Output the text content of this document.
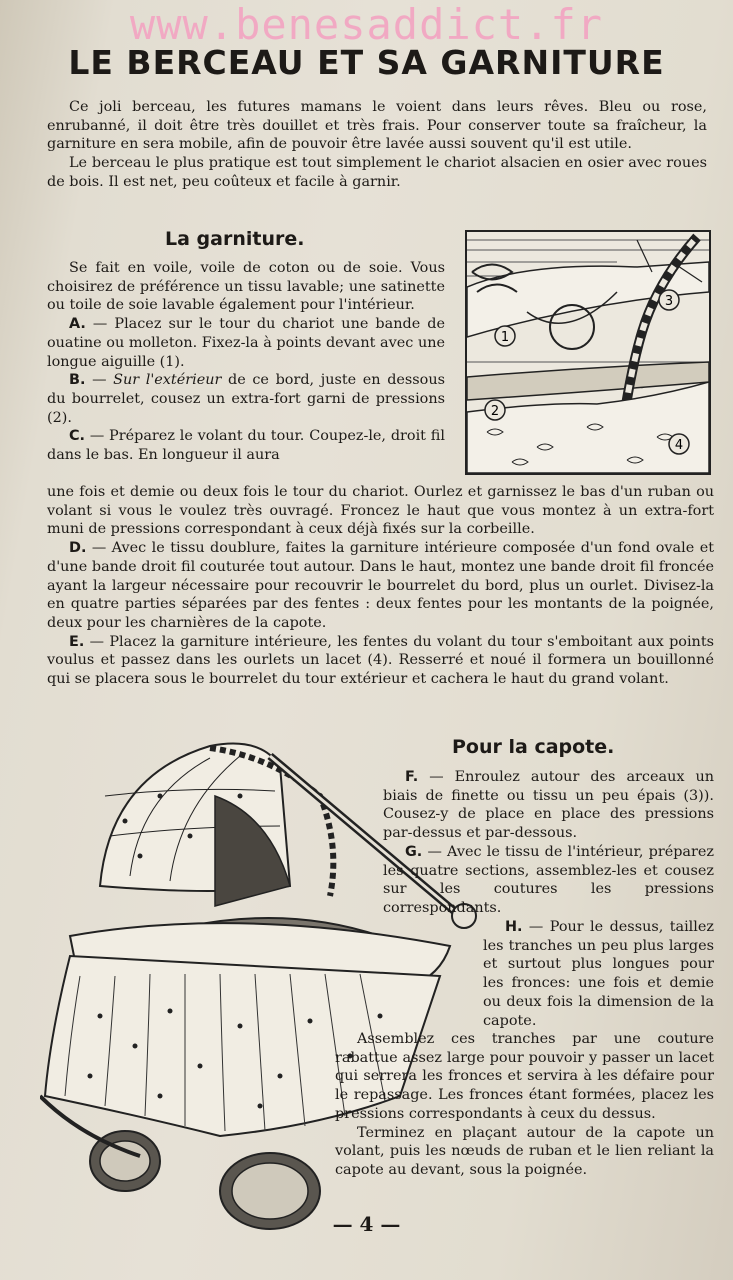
www.benesaddict.fr
LE BERCEAU ET SA GARNITURE

Ce joli berceau, les futures mamans le voient dans leurs rêves. Bleu ou rose, enrubanné, il doit être très douillet et très frais. Pour conserver toute sa fraîcheur, la garniture en sera mobile, afin de pouvoir être lavée aussi souvent qu'il est utile.

Le berceau le plus pratique est tout simplement le chariot alsacien en osier avec roues de bois. Il est net, peu coûteux et facile à garnir.

La garniture.

Se fait en voile, voile de coton ou de soie. Vous choisirez de préférence un tissu lavable; une satinette ou toile de soie lavable également pour l'intérieur.

A. — Placez sur le tour du chariot une bande de ouatine ou molleton. Fixez-la à points devant avec une longue aiguille (1).

B. — Sur l'extérieur de ce bord, juste en dessous du bourrelet, cousez un extra-fort garni de pressions (2).

C. — Préparez le volant du tour. Coupez-le, droit fil dans le bas. En longueur il aura

1
2
3
4

une fois et demie ou deux fois le tour du chariot. Ourlez et garnissez le bas d'un ruban ou volant si vous le voulez très ouvragé. Froncez le haut que vous montez à un extra-fort muni de pressions correspondant à ceux déjà fixés sur la corbeille.

D. — Avec le tissu doublure, faites la garniture intérieure composée d'un fond ovale et d'une bande droit fil couturée tout autour. Dans le haut, montez une bande droit fil froncée ayant la largeur nécessaire pour recouvrir le bourrelet du bord, plus un ourlet. Divisez-la en quatre parties séparées par des fentes : deux fentes pour les montants de la poignée, deux pour les charnières de la capote.

E. — Placez la garniture intérieure, les fentes du volant du tour s'emboitant aux points voulus et passez dans les ourlets un lacet (4). Resserré et noué il formera un bouillonné qui se placera sous le bourrelet du tour extérieur et cachera le haut du grand volant.

Pour la capote.

F. — Enroulez autour des arceaux un biais de finette ou tissu un peu épais (3)). Cousez-y de place en place des pressions par-dessus et par-dessous.

G. — Avec le tissu de l'intérieur, préparez les quatre sections, assemblez-les et cousez sur les coutures les pressions correspondants.

H. — Pour le dessus, taillez les tranches un peu plus larges et surtout plus longues pour les fronces: une fois et demie ou deux fois la dimension de la capote.

Assemblez ces tranches par une couture rabattue assez large pour pouvoir y passer un lacet qui serrera les fronces et servira à les défaire pour le repassage. Les fronces étant formées, placez les pressions correspondants à ceux du dessus.

Terminez en plaçant autour de la capote un volant, puis les nœuds de ruban et le lien reliant la capote au devant, sous la poignée.

— 4 —
